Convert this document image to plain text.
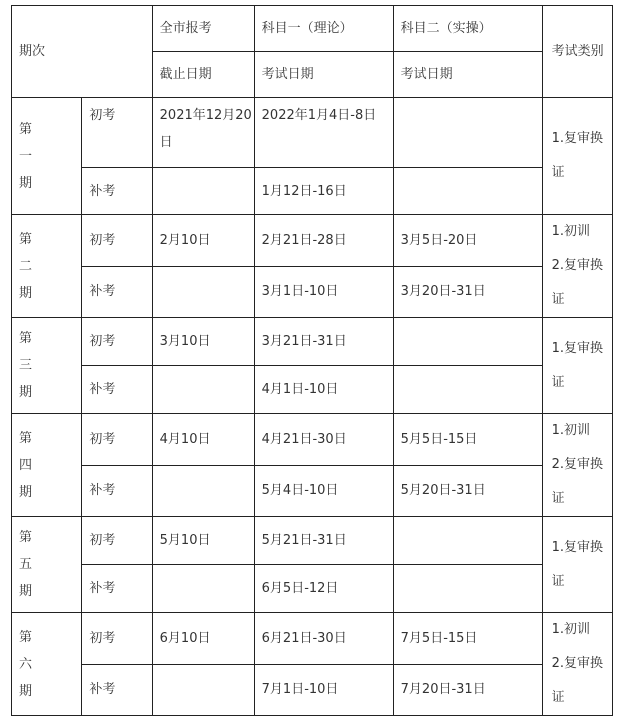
期次		全市报考	科目一（理论）	科目二（实操）	考试类别
		截止日期	考试日期	考试日期	

第
一
期	初考	2021年12月20日	2022年1月4日-8日		1.复审换证

	补考		1月12日-16日		

第
二
期	初考	2月10日	2月21日-28日	3月5日-20日	1.初训
2.复审换证

	补考		3月1日-10日	3月20日-31日	

第
三
期	初考	3月10日	3月21日-31日		1.复审换证

	补考		4月1日-10日		

第
四
期	初考	4月10日	4月21日-30日	5月5日-15日	1.初训
2.复审换证

	补考		5月4日-10日	5月20日-31日	

第
五
期	初考	5月10日	5月21日-31日		1.复审换证

	补考		6月5日-12日		

第
六
期	初考	6月10日	6月21日-30日	7月5日-15日	1.初训
2.复审换证

	补考		7月1日-10日	7月20日-31日	
